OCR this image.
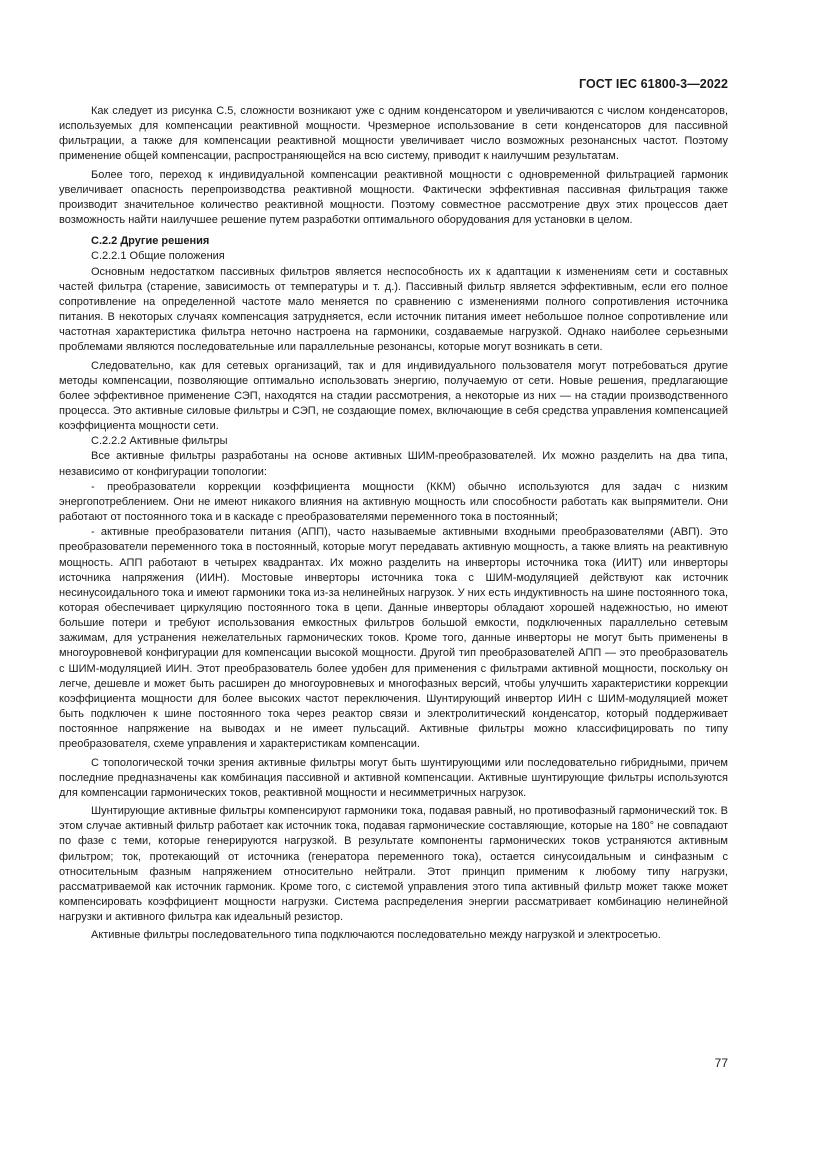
ГОСТ IEC 61800-3—2022

Как следует из рисунка С.5, сложности возникают уже с одним конденсатором и увеличиваются с числом конденсаторов, используемых для компенсации реактивной мощности. Чрезмерное использование в сети конденсаторов для пассивной фильтрации, а также для компенсации реактивной мощности увеличивает число возможных резонансных частот. Поэтому применение общей компенсации, распространяющейся на всю систему, приводит к наилучшим результатам.

Более того, переход к индивидуальной компенсации реактивной мощности с одновременной фильтрацией гармоник увеличивает опасность перепроизводства реактивной мощности. Фактически эффективная пассивная фильтрация также производит значительное количество реактивной мощности. Поэтому совместное рассмотрение двух этих процессов дает возможность найти наилучшее решение путем разработки оптимального оборудования для установки в целом.

С.2.2 Другие решения

С.2.2.1 Общие положения

Основным недостатком пассивных фильтров является неспособность их к адаптации к изменениям сети и составных частей фильтра (старение, зависимость от температуры и т. д.). Пассивный фильтр является эффективным, если его полное сопротивление на определенной частоте мало меняется по сравнению с изменениями полного сопротивления источника питания. В некоторых случаях компенсация затрудняется, если источник питания имеет небольшое полное сопротивление или частотная характеристика фильтра неточно настроена на гармоники, создаваемые нагрузкой. Однако наиболее серьезными проблемами являются последовательные или параллельные резонансы, которые могут возникать в сети.

Следовательно, как для сетевых организаций, так и для индивидуального пользователя могут потребоваться другие методы компенсации, позволяющие оптимально использовать энергию, получаемую от сети. Новые решения, предлагающие более эффективное применение СЭП, находятся на стадии рассмотрения, а некоторые из них — на стадии производственного процесса. Это активные силовые фильтры и СЭП, не создающие помех, включающие в себя средства управления компенсацией коэффициента мощности сети.

С.2.2.2 Активные фильтры

Все активные фильтры разработаны на основе активных ШИМ-преобразователей. Их можно разделить на два типа, независимо от конфигурации топологии:

- преобразователи коррекции коэффициента мощности (ККМ) обычно используются для задач с низким энергопотреблением. Они не имеют никакого влияния на активную мощность или способности работать как выпрямители. Они работают от постоянного тока и в каскаде с преобразователями переменного тока в постоянный;

- активные преобразователи питания (АПП), часто называемые активными входными преобразователями (АВП). Это преобразователи переменного тока в постоянный, которые могут передавать активную мощность, а также влиять на реактивную мощность. АПП работают в четырех квадрантах. Их можно разделить на инверторы источника тока (ИИТ) или инверторы источника напряжения (ИИН). Мостовые инверторы источника тока с ШИМ-модуляцией действуют как источник несинусоидального тока и имеют гармоники тока из-за нелинейных нагрузок. У них есть индуктивность на шине постоянного тока, которая обеспечивает циркуляцию постоянного тока в цепи. Данные инверторы обладают хорошей надежностью, но имеют большие потери и требуют использования емкостных фильтров большой емкости, подключенных параллельно сетевым зажимам, для устранения нежелательных гармонических токов. Кроме того, данные инверторы не могут быть применены в многоуровневой конфигурации для компенсации высокой мощности. Другой тип преобразователей АПП — это преобразователь с ШИМ-модуляцией ИИН. Этот преобразователь более удобен для применения с фильтрами активной мощности, поскольку он легче, дешевле и может быть расширен до многоуровневых и многофазных версий, чтобы улучшить характеристики коррекции коэффициента мощности для более высоких частот переключения. Шунтирующий инвертор ИИН с ШИМ-модуляцией может быть подключен к шине постоянного тока через реактор связи и электролитический конденсатор, который поддерживает постоянное напряжение на выводах и не имеет пульсаций. Активные фильтры можно классифицировать по типу преобразователя, схеме управления и характеристикам компенсации.

С топологической точки зрения активные фильтры могут быть шунтирующими или последовательно гибридными, причем последние предназначены как комбинация пассивной и активной компенсации. Активные шунтирующие фильтры используются для компенсации гармонических токов, реактивной мощности и несимметричных нагрузок.

Шунтирующие активные фильтры компенсируют гармоники тока, подавая равный, но противофазный гармонический ток. В этом случае активный фильтр работает как источник тока, подавая гармонические составляющие, которые на 180° не совпадают по фазе с теми, которые генерируются нагрузкой. В результате компоненты гармонических токов устраняются активным фильтром; ток, протекающий от источника (генератора переменного тока), остается синусоидальным и синфазным с относительным фазным напряжением относительно нейтрали. Этот принцип применим к любому типу нагрузки, рассматриваемой как источник гармоник. Кроме того, с системой управления этого типа активный фильтр может также может компенсировать коэффициент мощности нагрузки. Система распределения энергии рассматривает комбинацию нелинейной нагрузки и активного фильтра как идеальный резистор.

Активные фильтры последовательного типа подключаются последовательно между нагрузкой и электросетью.

77
